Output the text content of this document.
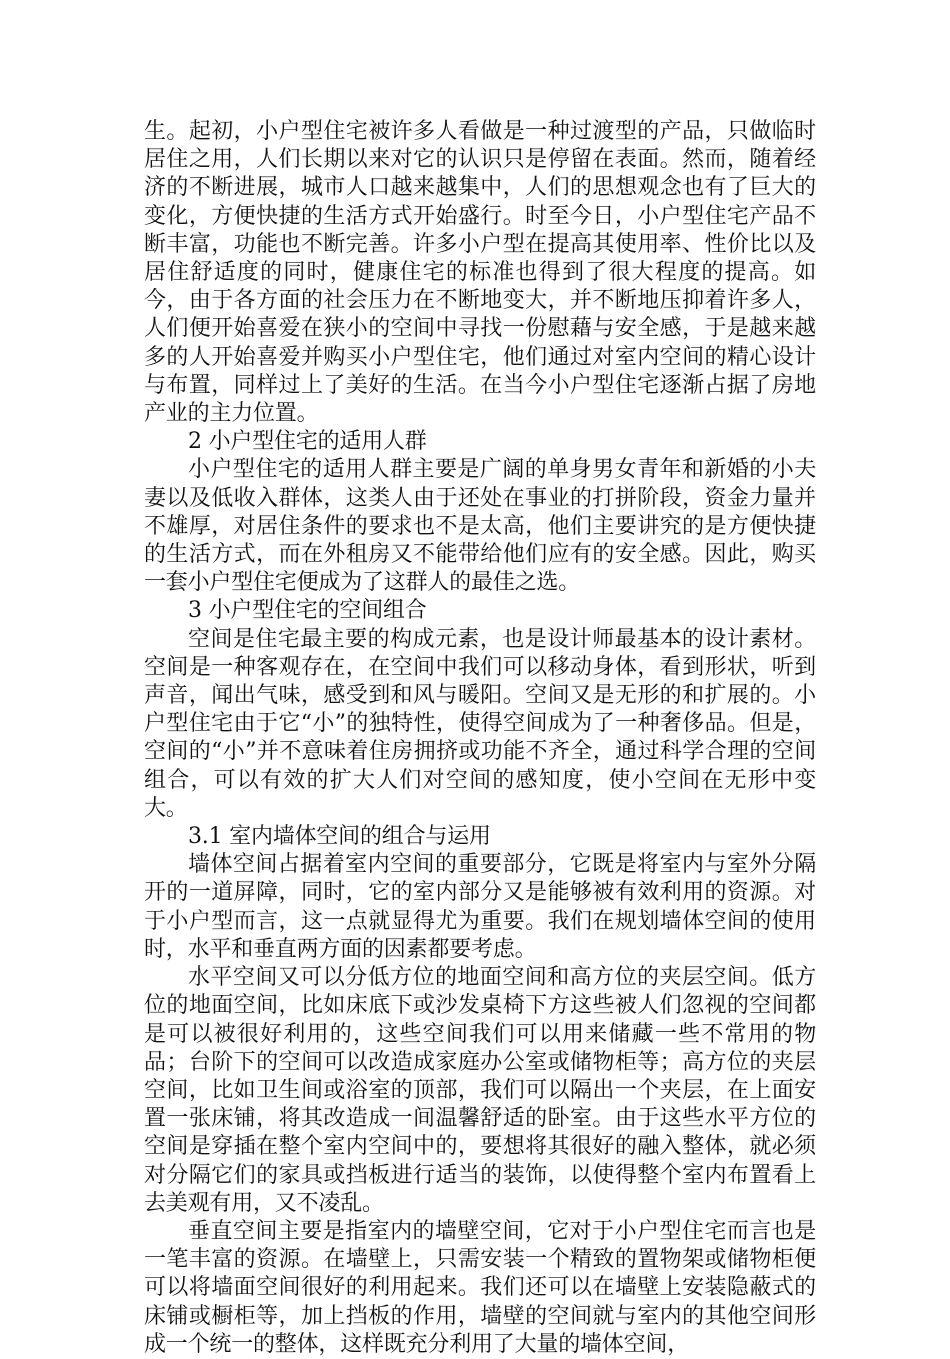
生。起初，小户型住宅被许多人看做是一种过渡型的产品，只做临时居住之用，人们长期以来对它的认识只是停留在表面。然而，随着经济的不断进展，城市人口越来越集中，人们的思想观念也有了巨大的变化，方便快捷的生活方式开始盛行。时至今日，小户型住宅产品不断丰富，功能也不断完善。许多小户型在提高其使用率、性价比以及居住舒适度的同时，健康住宅的标准也得到了很大程度的提高。如今，由于各方面的社会压力在不断地变大，并不断地压抑着许多人，人们便开始喜爱在狭小的空间中寻找一份慰藉与安全感，于是越来越多的人开始喜爱并购买小户型住宅，他们通过对室内空间的精心设计与布置，同样过上了美好的生活。在当今小户型住宅逐渐占据了房地产业的主力位置。

2 小户型住宅的适用人群

小户型住宅的适用人群主要是广阔的单身男女青年和新婚的小夫妻以及低收入群体，这类人由于还处在事业的打拼阶段，资金力量并不雄厚，对居住条件的要求也不是太高，他们主要讲究的是方便快捷的生活方式，而在外租房又不能带给他们应有的安全感。因此，购买一套小户型住宅便成为了这群人的最佳之选。

3 小户型住宅的空间组合

空间是住宅最主要的构成元素，也是设计师最基本的设计素材。空间是一种客观存在，在空间中我们可以移动身体，看到形状，听到声音，闻出气味，感受到和风与暖阳。空间又是无形的和扩展的。小户型住宅由于它“小”的独特性，使得空间成为了一种奢侈品。但是，空间的“小”并不意味着住房拥挤或功能不齐全，通过科学合理的空间组合，可以有效的扩大人们对空间的感知度，使小空间在无形中变大。

3.1 室内墙体空间的组合与运用

墙体空间占据着室内空间的重要部分，它既是将室内与室外分隔开的一道屏障，同时，它的室内部分又是能够被有效利用的资源。对于小户型而言，这一点就显得尤为重要。我们在规划墙体空间的使用时，水平和垂直两方面的因素都要考虑。

水平空间又可以分低方位的地面空间和高方位的夹层空间。低方位的地面空间，比如床底下或沙发桌椅下方这些被人们忽视的空间都是可以被很好利用的，这些空间我们可以用来储藏一些不常用的物品；台阶下的空间可以改造成家庭办公室或储物柜等；高方位的夹层空间，比如卫生间或浴室的顶部，我们可以隔出一个夹层，在上面安置一张床铺，将其改造成一间温馨舒适的卧室。由于这些水平方位的空间是穿插在整个室内空间中的，要想将其很好的融入整体，就必须对分隔它们的家具或挡板进行适当的装饰，以使得整个室内布置看上去美观有用，又不凌乱。

垂直空间主要是指室内的墙壁空间，它对于小户型住宅而言也是一笔丰富的资源。在墙壁上，只需安装一个精致的置物架或储物柜便可以将墙面空间很好的利用起来。我们还可以在墙壁上安装隐蔽式的床铺或橱柜等，加上挡板的作用，墙壁的空间就与室内的其他空间形成一个统一的整体，这样既充分利用了大量的墙体空间，
